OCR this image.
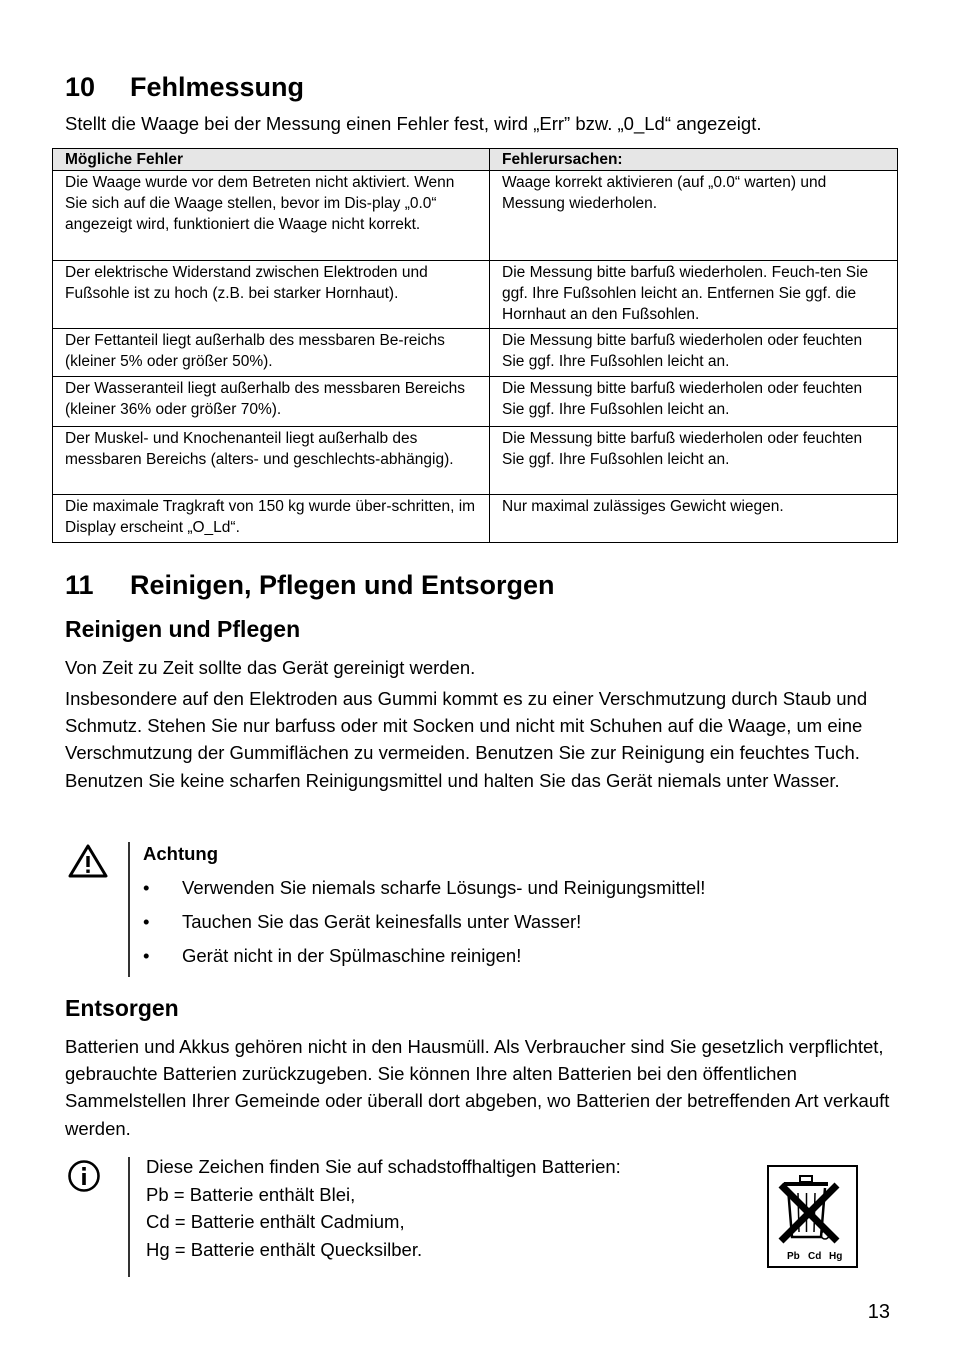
10 Fehlmessung
Stellt die Waage bei der Messung einen Fehler fest, wird „Err” bzw. „0_Ld“ angezeigt.
Mögliche Fehler	Fehlerursachen:
Die Waage wurde vor dem Betreten nicht aktiviert. Wenn Sie sich auf die Waage stellen, bevor im Dis-play „0.0“ angezeigt wird, funktioniert die Waage nicht korrekt.	Waage korrekt aktivieren (auf „0.0“ warten) und Messung wiederholen.
Der elektrische Widerstand zwischen Elektroden und Fußsohle ist zu hoch (z.B. bei starker Hornhaut).	Die Messung bitte barfuß wiederholen. Feuch-ten Sie ggf. Ihre Fußsohlen leicht an. Entfernen Sie ggf. die Hornhaut an den Fußsohlen.
Der Fettanteil liegt außerhalb des messbaren Be-reichs (kleiner 5% oder größer 50%).	Die Messung bitte barfuß wiederholen oder feuchten Sie ggf. Ihre Fußsohlen leicht an.
Der Wasseranteil liegt außerhalb des messbaren Bereichs (kleiner 36% oder größer 70%).	Die Messung bitte barfuß wiederholen oder feuchten Sie ggf. Ihre Fußsohlen leicht an.
Der Muskel- und Knochenanteil liegt außerhalb des messbaren Bereichs (alters- und geschlechts-abhängig).	Die Messung bitte barfuß wiederholen oder feuchten Sie ggf. Ihre Fußsohlen leicht an.
Die maximale Tragkraft von 150 kg wurde über-schritten, im Display erscheint „O_Ld“.	Nur maximal zulässiges Gewicht wiegen.
11 Reinigen, Pflegen und Entsorgen
Reinigen und Pflegen
Von Zeit zu Zeit sollte das Gerät gereinigt werden.
Insbesondere auf den Elektroden aus Gummi kommt es zu einer Verschmutzung durch Staub und Schmutz. Stehen Sie nur barfuss oder mit Socken und nicht mit Schuhen auf die Waage, um eine Verschmutzung der Gummiflächen zu vermeiden. Benutzen Sie zur Reinigung ein feuchtes Tuch. Benutzen Sie keine scharfen Reinigungsmittel und halten Sie das Gerät niemals unter Wasser.
Achtung
• Verwenden Sie niemals scharfe Lösungs- und Reinigungsmittel!
• Tauchen Sie das Gerät keinesfalls unter Wasser!
• Gerät nicht in der Spülmaschine reinigen!
Entsorgen
Batterien und Akkus gehören nicht in den Hausmüll. Als Verbraucher sind Sie gesetzlich verpflichtet, gebrauchte Batterien zurückzugeben. Sie können Ihre alten Batterien bei den öffentlichen Sammelstellen Ihrer Gemeinde oder überall dort abgeben, wo Batterien der betreffenden Art verkauft werden.
Diese Zeichen finden Sie auf schadstoffhaltigen Batterien:
Pb = Batterie enthält Blei,
Cd = Batterie enthält Cadmium,
Hg = Batterie enthält Quecksilber.	Pb Cd Hg
13
